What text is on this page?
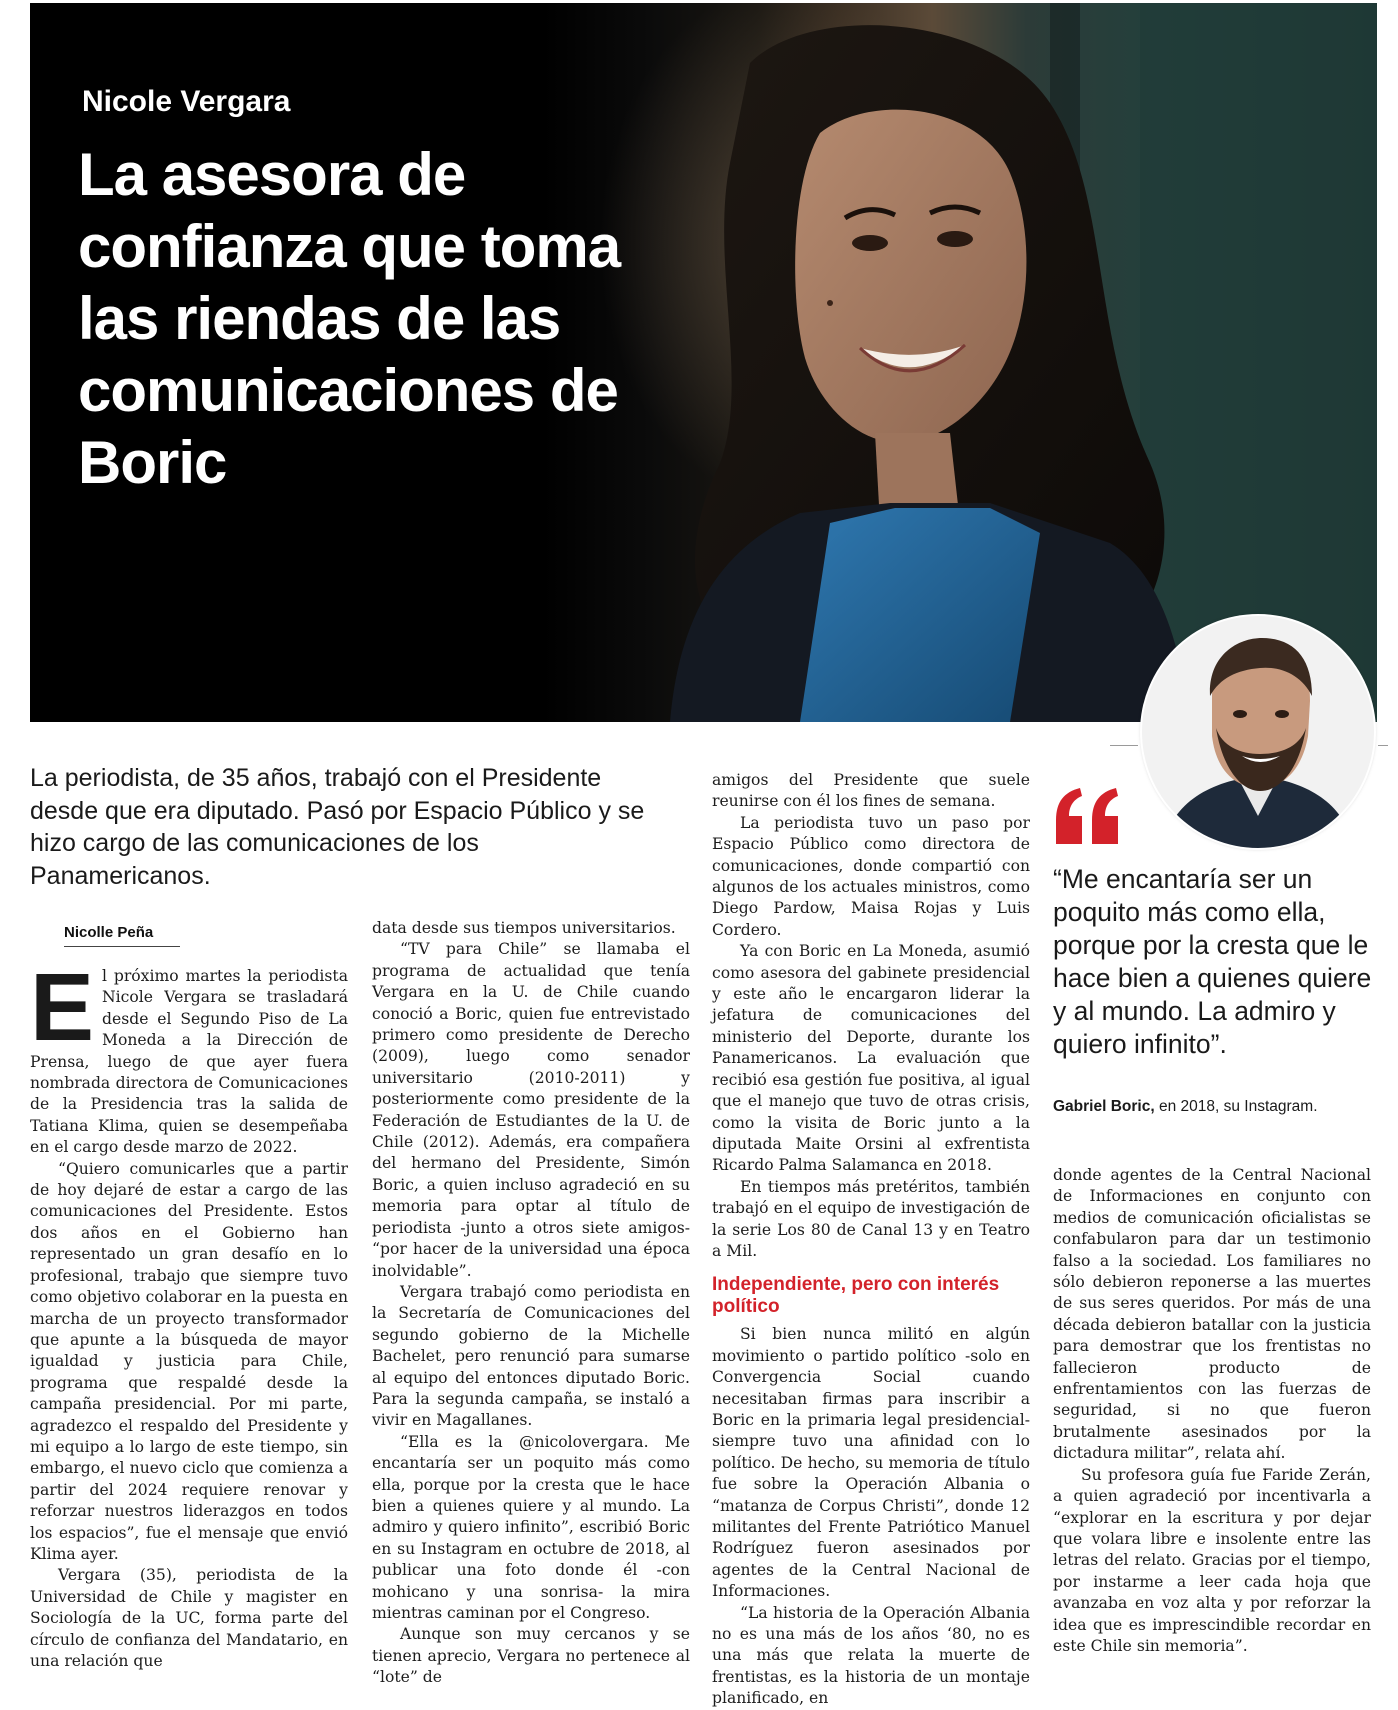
Nicole Vergara

La asesora de confianza que toma las riendas de las comunicaciones de Boric

La periodista, de 35 años, trabajó con el Presidente desde que era diputado. Pasó por Espacio Público y se hizo cargo de las comunicaciones de los Panamericanos.

Nicolle Peña

E l próximo martes la periodista Nicole Vergara se trasladará desde el Segundo Piso de La Moneda a la Dirección de Prensa, luego de que ayer fuera nombrada directora de Comunicaciones de la Presidencia tras la salida de Tatiana Klima, quien se desempeñaba en el cargo desde marzo de 2022.

“Quiero comunicarles que a partir de hoy dejaré de estar a cargo de las comunicaciones del Presidente. Estos dos años en el Gobierno han representado un gran desafío en lo profesional, trabajo que siempre tuvo como objetivo colaborar en la puesta en marcha de un proyecto transformador que apunte a la búsqueda de mayor igualdad y justicia para Chile, programa que respaldé desde la campaña presidencial. Por mi parte, agradezco el respaldo del Presidente y mi equipo a lo largo de este tiempo, sin embargo, el nuevo ciclo que comienza a partir del 2024 requiere renovar y reforzar nuestros liderazgos en todos los espacios”, fue el mensaje que envió Klima ayer.

Vergara (35), periodista de la Universidad de Chile y magister en Sociología de la UC, forma parte del círculo de confianza del Mandatario, en una relación que

data desde sus tiempos universitarios.

“TV para Chile” se llamaba el programa de actualidad que tenía Vergara en la U. de Chile cuando conoció a Boric, quien fue entrevistado primero como presidente de Derecho (2009), luego como senador universitario (2010-2011) y posteriormente como presidente de la Federación de Estudiantes de la U. de Chile (2012). Además, era compañera del hermano del Presidente, Simón Boric, a quien incluso agradeció en su memoria para optar al título de periodista -junto a otros siete amigos- “por hacer de la universidad una época inolvidable”.

Vergara trabajó como periodista en la Secretaría de Comunicaciones del segundo gobierno de la Michelle Bachelet, pero renunció para sumarse al equipo del entonces diputado Boric. Para la segunda campaña, se instaló a vivir en Magallanes.

“Ella es la @nicolovergara. Me encantaría ser un poquito más como ella, porque por la cresta que le hace bien a quienes quiere y al mundo. La admiro y quiero infinito”, escribió Boric en su Instagram en octubre de 2018, al publicar una foto donde él -con mohicano y una sonrisa- la mira mientras caminan por el Congreso.

Aunque son muy cercanos y se tienen aprecio, Vergara no pertenece al “lote” de

amigos del Presidente que suele reunirse con él los fines de semana.

La periodista tuvo un paso por Espacio Público como directora de comunicaciones, donde compartió con algunos de los actuales ministros, como Diego Pardow, Maisa Rojas y Luis Cordero.

Ya con Boric en La Moneda, asumió como asesora del gabinete presidencial y este año le encargaron liderar la jefatura de comunicaciones del ministerio del Deporte, durante los Panamericanos. La evaluación que recibió esa gestión fue positiva, al igual que el manejo que tuvo de otras crisis, como la visita de Boric junto a la diputada Maite Orsini al exfrentista Ricardo Palma Salamanca en 2018.

En tiempos más pretéritos, también trabajó en el equipo de investigación de la serie Los 80 de Canal 13 y en Teatro a Mil.

Independiente, pero con interés político

Si bien nunca militó en algún movimiento o partido político -solo en Convergencia Social cuando necesitaban firmas para inscribir a Boric en la primaria legal presidencial- siempre tuvo una afinidad con lo político. De hecho, su memoria de título fue sobre la Operación Albania o “matanza de Corpus Christi”, donde 12 militantes del Frente Patriótico Manuel Rodríguez fueron asesinados por agentes de la Central Nacional de Informaciones.

“La historia de la Operación Albania no es una más de los años ‘80, no es una más que relata la muerte de frentistas, es la historia de un montaje planificado, en

“Me encantaría ser un poquito más como ella, porque por la cresta que le hace bien a quienes quiere y al mundo. La admiro y quiero infinito”.

Gabriel Boric, en 2018, su Instagram.

donde agentes de la Central Nacional de Informaciones en conjunto con medios de comunicación oficialistas se confabularon para dar un testimonio falso a la sociedad. Los familiares no sólo debieron reponerse a las muertes de sus seres queridos. Por más de una década debieron batallar con la justicia para demostrar que los frentistas no fallecieron producto de enfrentamientos con las fuerzas de seguridad, si no que fueron brutalmente asesinados por la dictadura militar”, relata ahí.

Su profesora guía fue Faride Zerán, a quien agradeció por incentivarla a “explorar en la escritura y por dejar que volara libre e insolente entre las letras del relato. Gracias por el tiempo, por instarme a leer cada hoja que avanzaba en voz alta y por reforzar la idea que es imprescindible recordar en este Chile sin memoria”.
